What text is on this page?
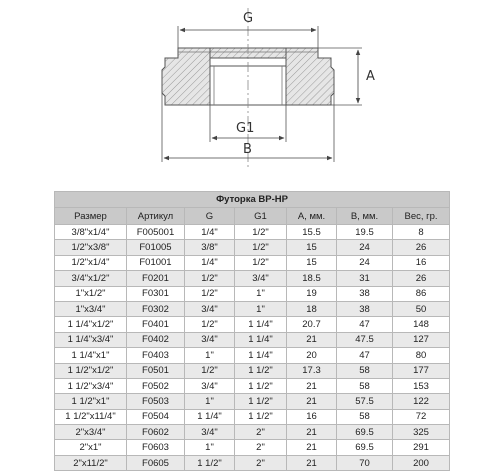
G
A
G1
B
Футорка ВР-НР						
Размер	Артикул	G	G1	А, мм.	В, мм.	Вес, гр.
3/8"x1/4"	F005001	1/4"	1/2"	15.5	19.5	8
1/2"x3/8"	F01005	3/8"	1/2"	15	24	26
1/2"x1/4"	F01001	1/4"	1/2"	15	24	16
3/4"x1/2"	F0201	1/2"	3/4"	18.5	31	26
1"x1/2"	F0301	1/2"	1"	19	38	86
1"x3/4"	F0302	3/4"	1"	18	38	50
1 1/4"x1/2"	F0401	1/2"	1 1/4"	20.7	47	148
1 1/4"x3/4"	F0402	3/4"	1 1/4"	21	47.5	127
1 1/4"x1"	F0403	1"	1 1/4"	20	47	80
1 1/2"x1/2"	F0501	1/2"	1 1/2"	17.3	58	177
1 1/2"x3/4"	F0502	3/4"	1 1/2"	21	58	153
1 1/2"x1"	F0503	1"	1 1/2"	21	57.5	122
1 1/2"x11/4"	F0504	1 1/4"	1 1/2"	16	58	72
2"x3/4"	F0602	3/4"	2"	21	69.5	325
2"x1"	F0603	1"	2"	21	69.5	291
2"x11/2"	F0605	1 1/2"	2"	21	70	200
